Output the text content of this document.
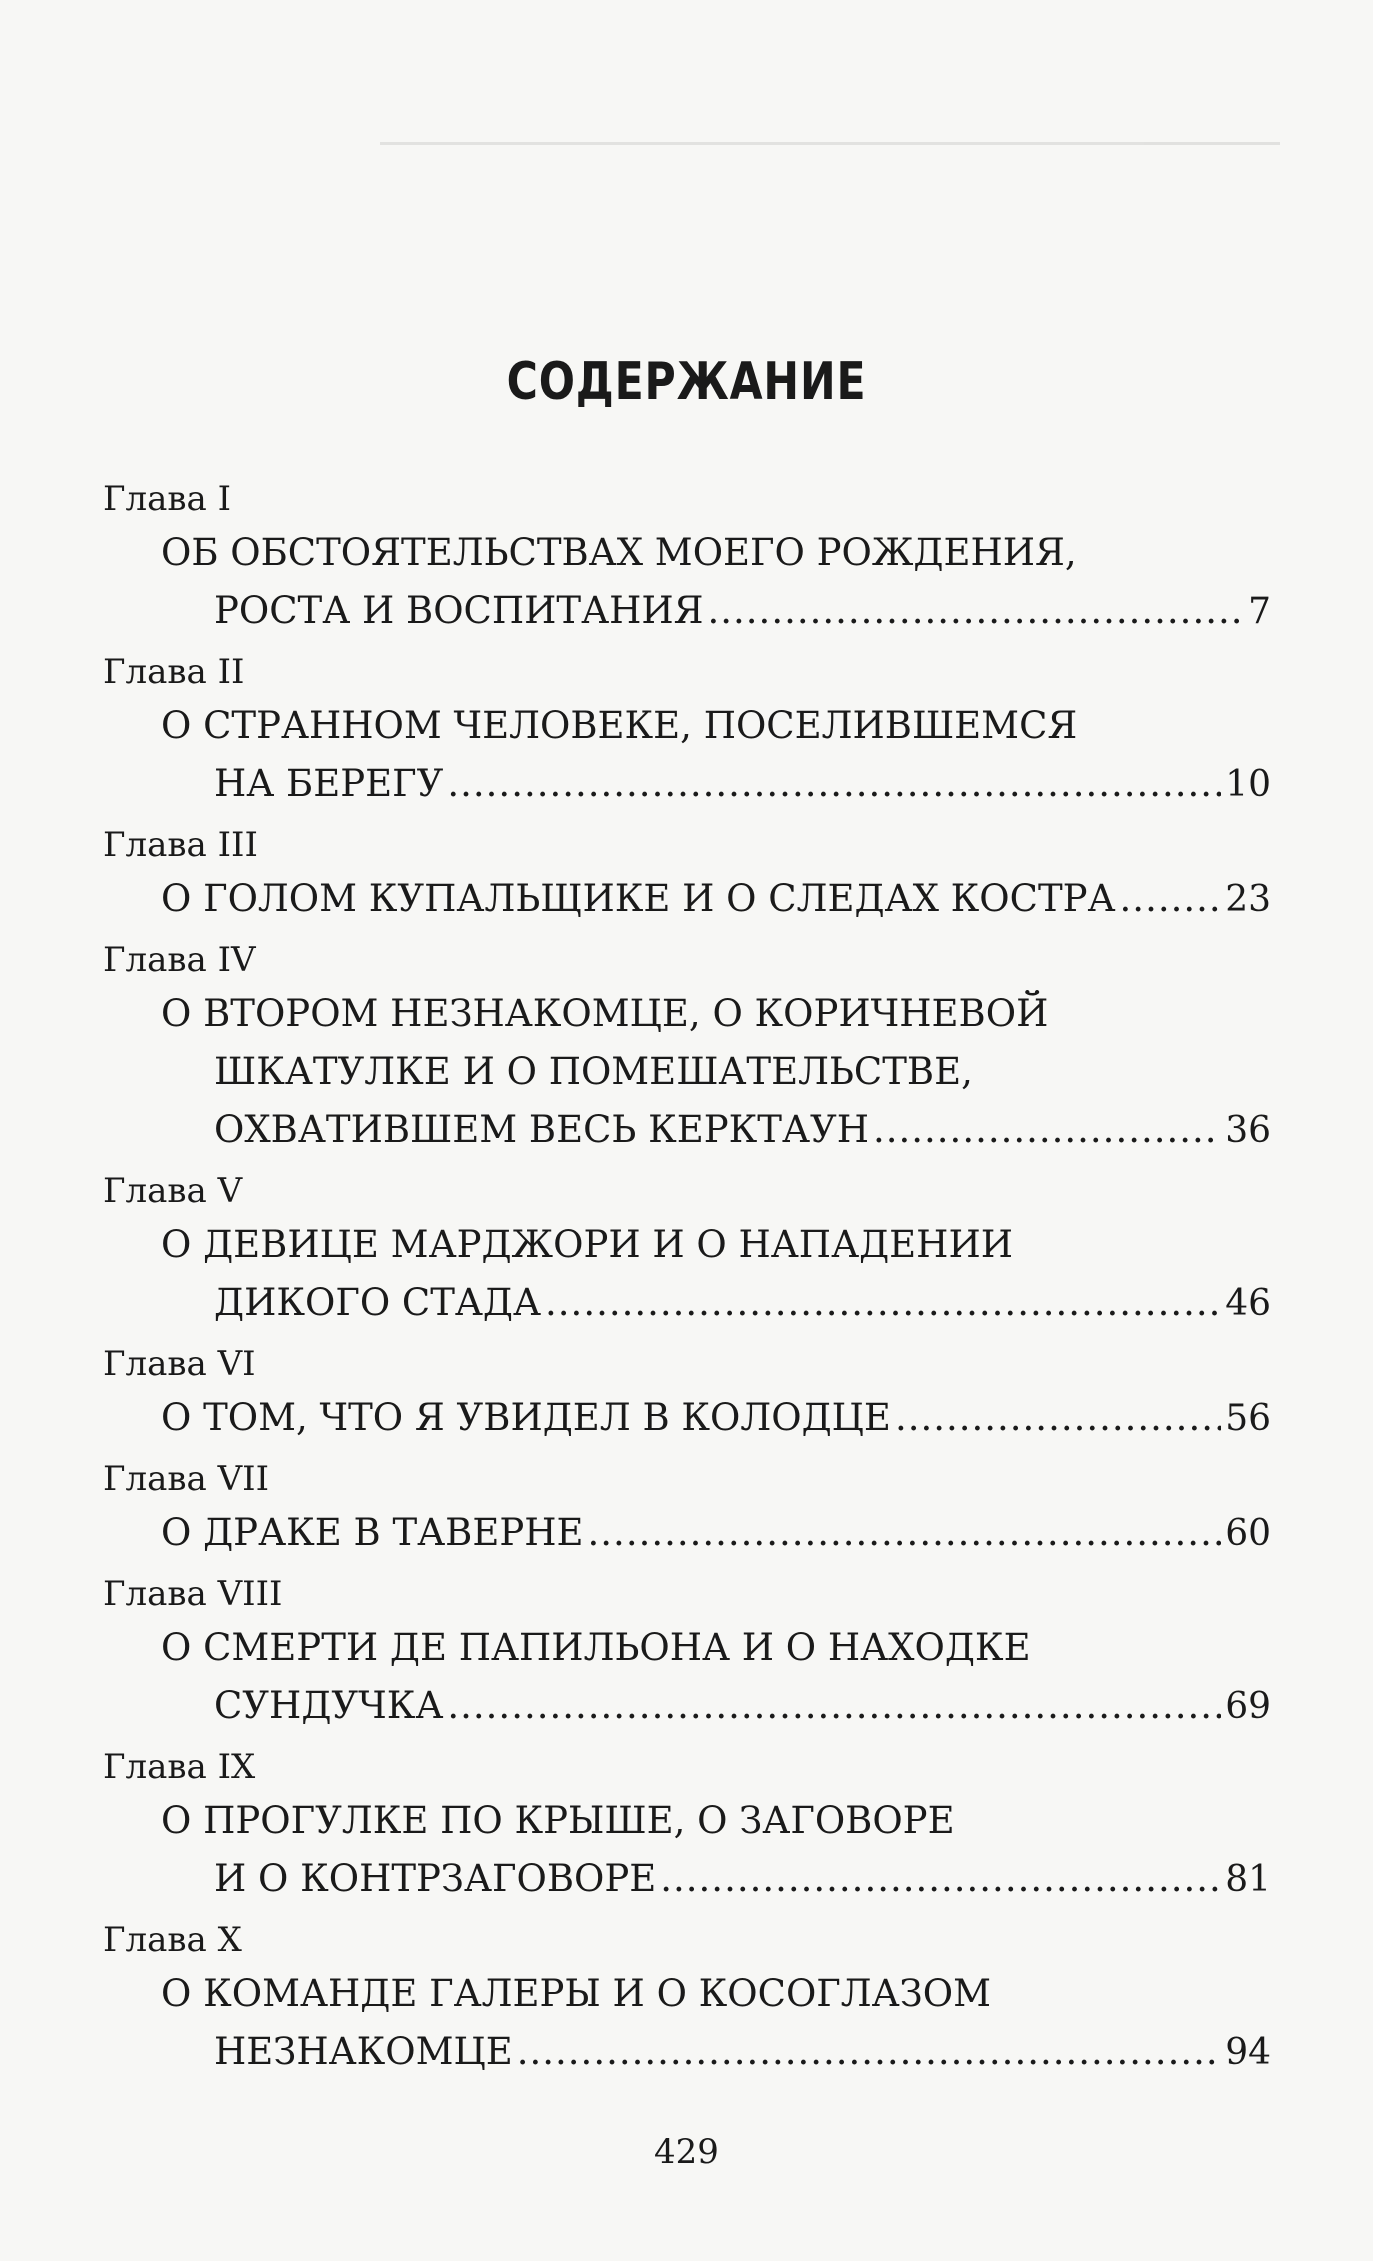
СОДЕРЖАНИЕ
Глава I
ОБ ОБСТОЯТЕЛЬСТВАХ МОЕГО РОЖДЕНИЯ,
РОСТА И ВОСПИТАНИЯ .....	7
Глава II
О СТРАННОМ ЧЕЛОВЕКЕ, ПОСЕЛИВШЕМСЯ
НА БЕРЕГУ .....	10
Глава III
О ГОЛОМ КУПАЛЬЩИКЕ И О СЛЕДАХ КОСТРА .....	23
Глава IV
О ВТОРОМ НЕЗНАКОМЦЕ, О КОРИЧНЕВОЙ
ШКАТУЛКЕ И О ПОМЕШАТЕЛЬСТВЕ,
ОХВАТИВШЕМ ВЕСЬ КЕРКТАУН .....	36
Глава V
О ДЕВИЦЕ МАРДЖОРИ И О НАПАДЕНИИ
ДИКОГО СТАДА .....	46
Глава VI
О ТОМ, ЧТО Я УВИДЕЛ В КОЛОДЦЕ .....	56
Глава VII
О ДРАКЕ В ТАВЕРНЕ .....	60
Глава VIII
О СМЕРТИ ДЕ ПАПИЛЬОНА И О НАХОДКЕ
СУНДУЧКА .....	69
Глава IX
О ПРОГУЛКЕ ПО КРЫШЕ, О ЗАГОВОРЕ
И О КОНТРЗАГОВОРЕ .....	81
Глава X
О КОМАНДЕ ГАЛЕРЫ И О КОСОГЛАЗОМ
НЕЗНАКОМЦЕ .....	94
429
